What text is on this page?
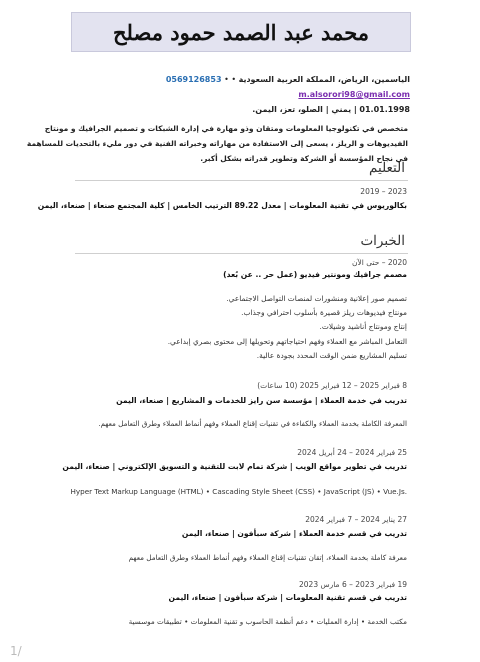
محمد عبد الصمد حمود مصلح
الياسمين، الرياض، المملكة العربية السعودية • 0569126853 • m.alsorori98@gmail.com
01.01.1998 | يمني | الصلو، تعز، اليمن.

متخصص في تكنولوجيا المعلومات ومتقان وذو مهارة في إدارة الشبكات و تصميم الجرافيك و مونتاج الفيديوهات و الريلز ، يسعى إلى الاستفادة من مهاراته وخبراته الفنية في دور مليء بالتحديات للمساهمة في نجاح المؤسسة أو الشركة وتطوير قدراته بشكل أكبر.

التعليم
2019 – 2023
بكالوريوس في تقنية المعلومات | معدل 89.22 الترتيب الخامس | كلية المجتمع صنعاء | صنعاء، اليمن
الخبرات
2020 – حتى الآن
مصمم جرافيك ومونتير فيديو (عمل حر .. عن بُعد)
تصميم صور إعلانية ومنشورات لمنصات التواصل الاجتماعي.
مونتاج فيديوهات ريلز قصيرة بأسلوب احترافي وجذاب.
إنتاج ومونتاج أناشيد وشيلات.
التعامل المباشر مع العملاء وفهم احتياجاتهم وتحويلها إلى محتوى بصري إبداعي.
تسليم المشاريع ضمن الوقت المحدد بجودة عالية.
8 فبراير 2025 – 12 فبراير 2025 (10 ساعات)
تدريب في خدمة العملاء | مؤسسة سن رايز للخدمات و المشاريع | صنعاء، اليمن
المعرفة الكاملة بخدمة العملاء والكفاءة في تقنيات إقناع العملاء وفهم أنماط العملاء وطرق التعامل معهم.
25 فبراير 2024 – 24 أبريل 2024
تدريب في تطوير مواقع الويب | شركة تمام لابت للتقنية و التسويق الإلكتروني | صنعاء، اليمن
Hyper Text Markup Language (HTML) • Cascading Style Sheet (CSS) • JavaScript (JS) • Vue.Js.
27 يناير 2024 – 7 فبراير 2024
تدريب في قسم خدمة العملاء | شركة سبأفون | صنعاء، اليمن
معرفة كاملة بخدمة العملاء، إتقان تقنيات إقناع العملاء وفهم أنماط العملاء وطرق التعامل معهم
19 فبراير 2023 – 6 مارس 2023
تدريب في قسم تقنية المعلومات | شركة سبأفون | صنعاء، اليمن
مكتب الخدمة • إدارة العمليات • دعم أنظمة الحاسوب و تقنية المعلومات • تطبيقات موسسية
1/
